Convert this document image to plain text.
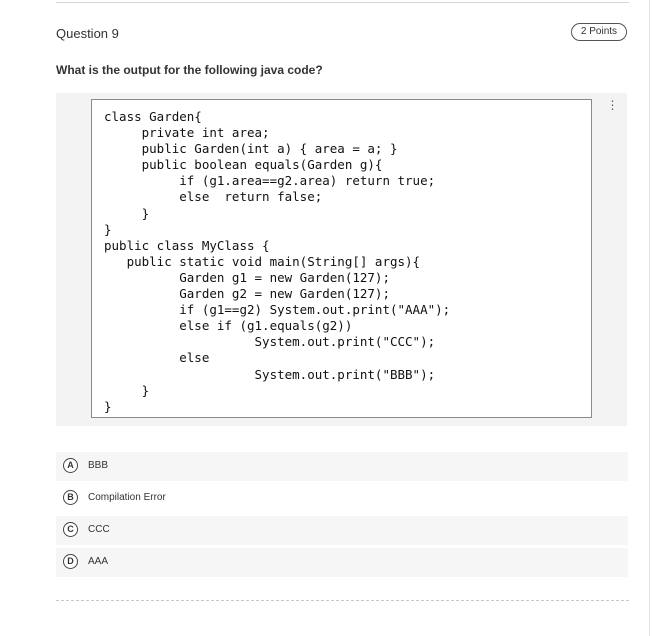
Question 9	2 Points
What is the output for the following java code?
⋮
class Garden{
private int area;
public Garden(int a) { area = a; }
public boolean equals(Garden g){
if (g1.area==g2.area) return true;
else  return false;
}
}
public class MyClass {
public static void main(String[] args){
Garden g1 = new Garden(127);
Garden g2 = new Garden(127);
if (g1==g2) System.out.print("AAA");
else if (g1.equals(g2))
System.out.print("CCC");
else
System.out.print("BBB");
}
}
A	BBB
B	Compilation Error
C	CCC
D	AAA
